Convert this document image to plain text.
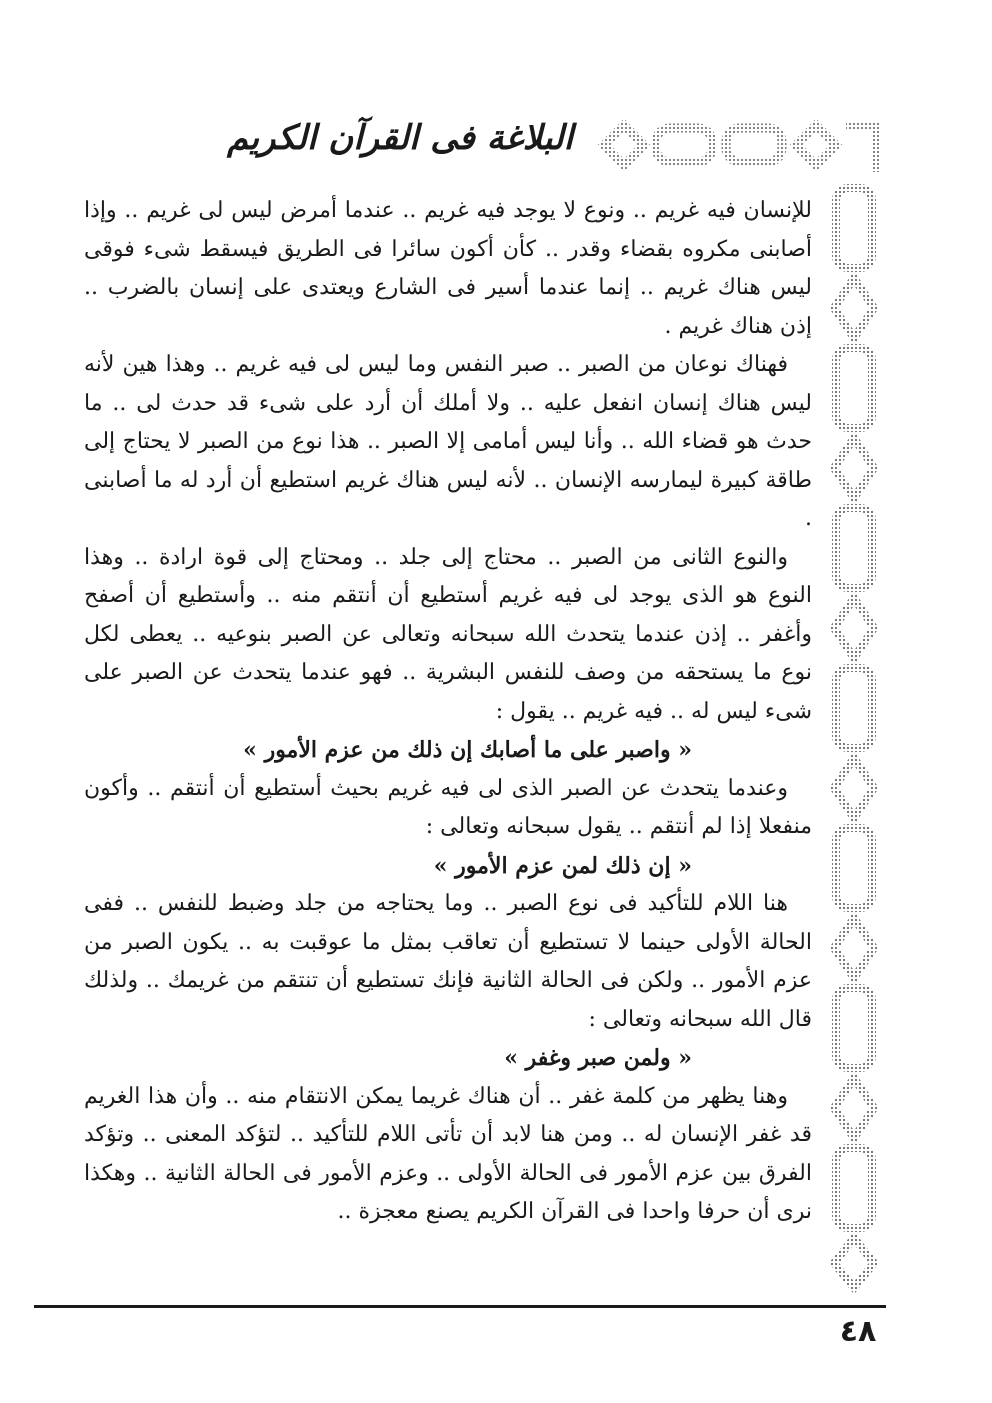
البلاغة فى القرآن الكريم

للإنسان فيه غريم .. ونوع لا يوجد فيه غريم .. عندما أمرض ليس لى غريم .. وإذا أصابنى مكروه بقضاء وقدر .. كأن أكون سائرا فى الطريق فيسقط شىء فوقى ليس هناك غريم .. إنما عندما أسير فى الشارع ويعتدى على إنسان بالضرب .. إذن هناك غريم .

فهناك نوعان من الصبر .. صبر النفس وما ليس لى فيه غريم .. وهذا هين لأنه ليس هناك إنسان انفعل عليه .. ولا أملك أن أرد على شىء قد حدث لى .. ما حدث هو قضاء الله .. وأنا ليس أمامى إلا الصبر .. هذا نوع من الصبر لا يحتاج إلى طاقة كبيرة ليمارسه الإنسان .. لأنه ليس هناك غريم استطيع أن أرد له ما أصابنى .

والنوع الثانى من الصبر .. محتاج إلى جلد .. ومحتاج إلى قوة ارادة .. وهذا النوع هو الذى يوجد لى فيه غريم أستطيع أن أنتقم منه .. وأستطيع أن أصفح وأغفر .. إذن عندما يتحدث الله سبحانه وتعالى عن الصبر بنوعيه .. يعطى لكل نوع ما يستحقه من وصف للنفس البشرية .. فهو عندما يتحدث عن الصبر على شىء ليس له .. فيه غريم .. يقول :

« واصبر على ما أصابك إن ذلك من عزم الأمور »

وعندما يتحدث عن الصبر الذى لى فيه غريم بحيث أستطيع أن أنتقم .. وأكون منفعلا إذا لم أنتقم .. يقول سبحانه وتعالى :

« إن ذلك لمن عزم الأمور »

هنا اللام للتأكيد فى نوع الصبر .. وما يحتاجه من جلد وضبط للنفس .. ففى الحالة الأولى حينما لا تستطيع أن تعاقب بمثل ما عوقبت به .. يكون الصبر من عزم الأمور .. ولكن فى الحالة الثانية فإنك تستطيع أن تنتقم من غريمك .. ولذلك قال الله سبحانه وتعالى :

« ولمن صبر وغفر »

وهنا يظهر من كلمة غفر .. أن هناك غريما يمكن الانتقام منه .. وأن هذا الغريم قد غفر الإنسان له .. ومن هنا لابد أن تأتى اللام للتأكيد .. لتؤكد المعنى .. وتؤكد الفرق بين عزم الأمور فى الحالة الأولى .. وعزم الأمور فى الحالة الثانية .. وهكذا نرى أن حرفا واحدا فى القرآن الكريم يصنع معجزة ..

٤٨
